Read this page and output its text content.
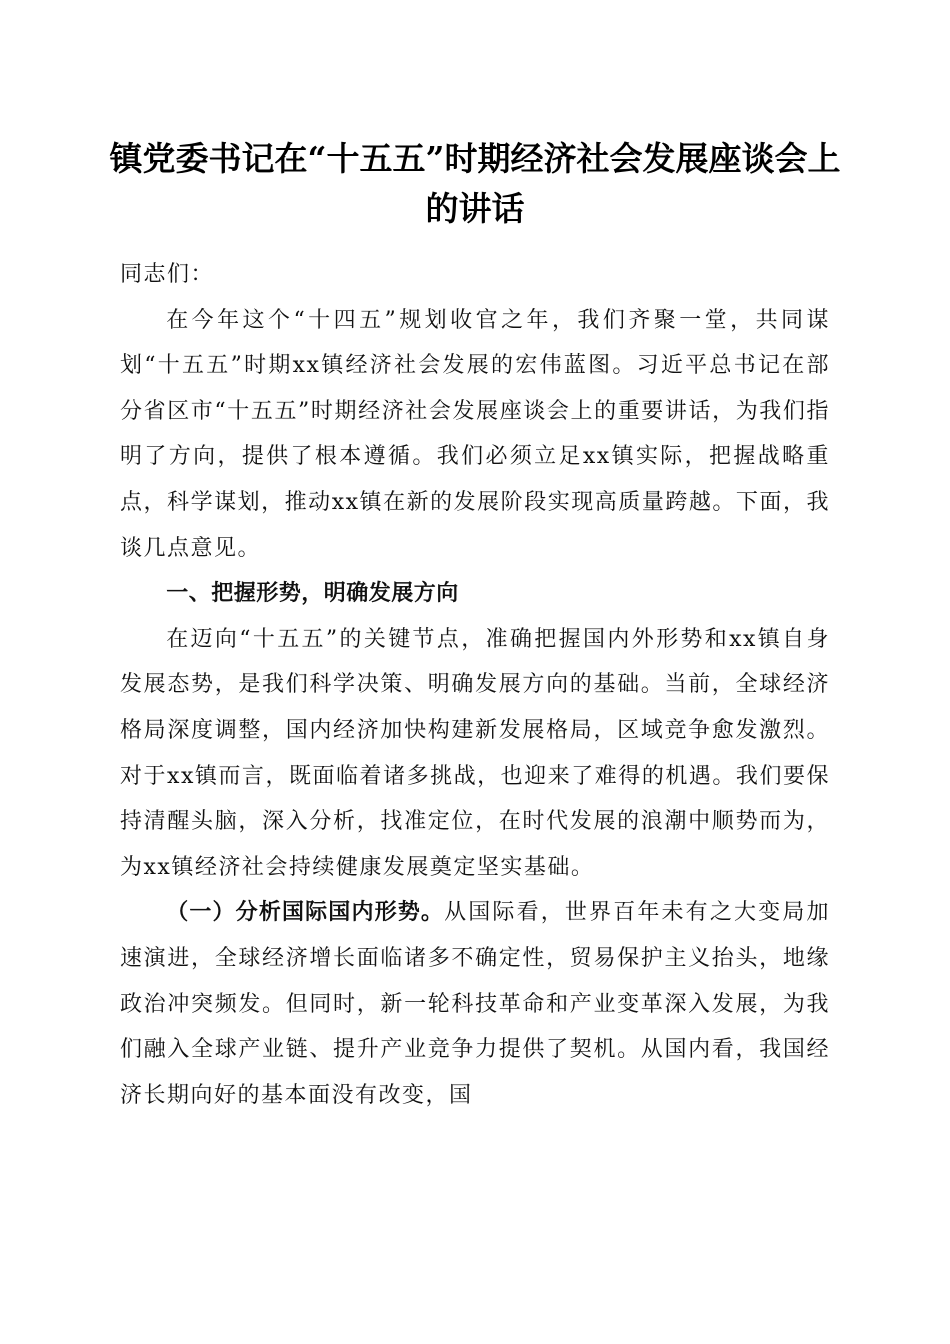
镇党委书记在“十五五”时期经济社会发展座谈会上的讲话

同志们：

在今年这个“十四五”规划收官之年，我们齐聚一堂，共同谋划“十五五”时期xx镇经济社会发展的宏伟蓝图。习近平总书记在部分省区市“十五五”时期经济社会发展座谈会上的重要讲话，为我们指明了方向，提供了根本遵循。我们必须立足xx镇实际，把握战略重点，科学谋划，推动xx镇在新的发展阶段实现高质量跨越。下面，我谈几点意见。

一、把握形势，明确发展方向

在迈向“十五五”的关键节点，准确把握国内外形势和xx镇自身发展态势，是我们科学决策、明确发展方向的基础。当前，全球经济格局深度调整，国内经济加快构建新发展格局，区域竞争愈发激烈。对于xx镇而言，既面临着诸多挑战，也迎来了难得的机遇。我们要保持清醒头脑，深入分析，找准定位，在时代发展的浪潮中顺势而为，为xx镇经济社会持续健康发展奠定坚实基础。

（一）分析国际国内形势。从国际看，世界百年未有之大变局加速演进，全球经济增长面临诸多不确定性，贸易保护主义抬头，地缘政治冲突频发。但同时，新一轮科技革命和产业变革深入发展，为我们融入全球产业链、提升产业竞争力提供了契机。从国内看，我国经济长期向好的基本面没有改变，国
